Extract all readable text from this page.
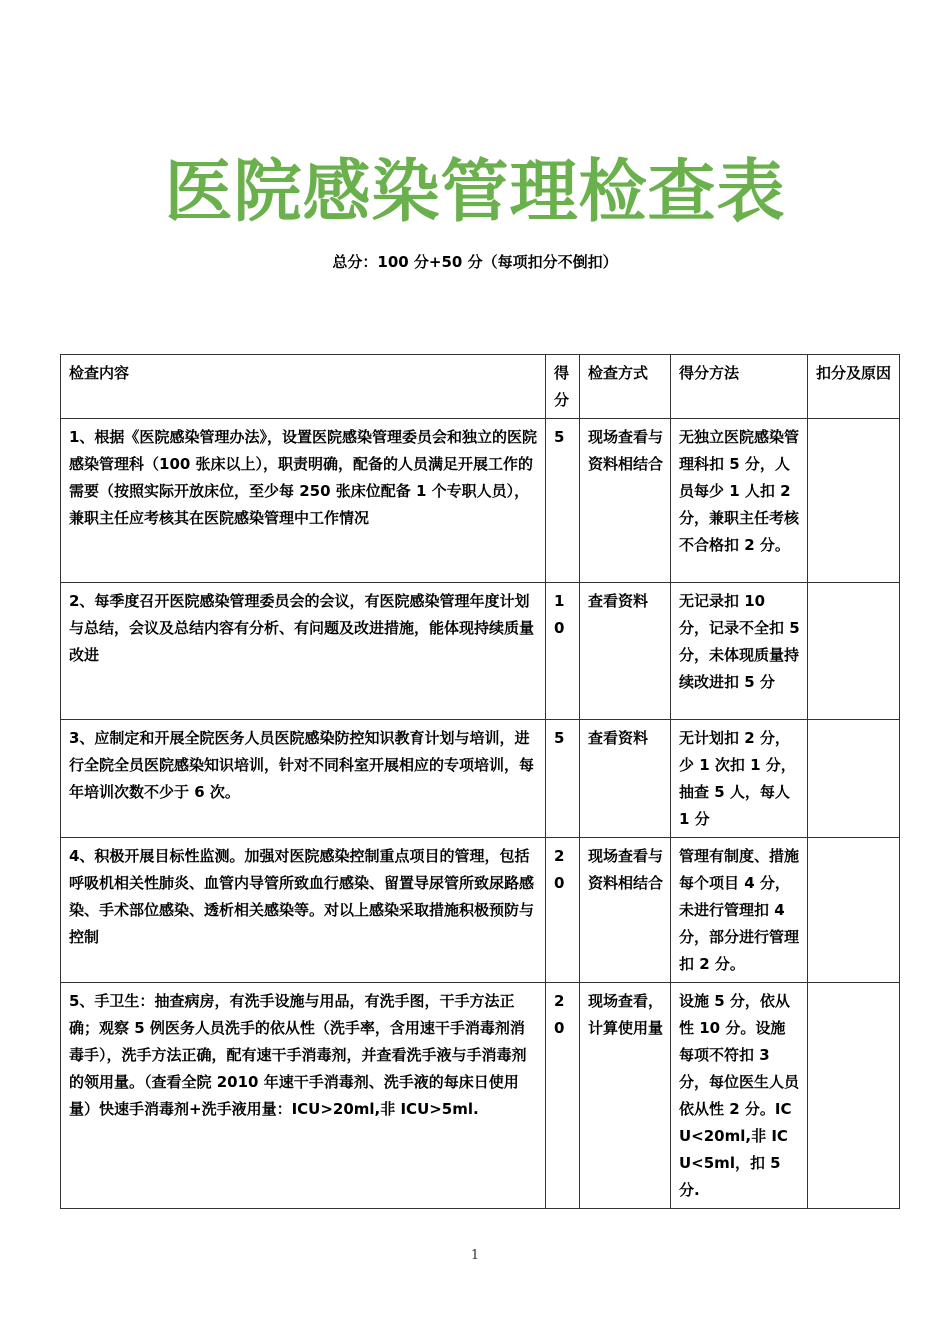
医院感染管理检查表
总分：100 分+50 分（每项扣分不倒扣）
检查内容	得分	检查方式	得分方法	扣分及原因
1、根据《医院感染管理办法》，设置医院感染管理委员会和独立的医院感染管理科（100 张床以上），职责明确，配备的人员满足开展工作的需要（按照实际开放床位，至少每 250 张床位配备 1 个专职人员），兼职主任应考核其在医院感染管理中工作情况	5	现场查看与资料相结合	无独立医院感染管理科扣 5 分，人员每少 1 人扣 2 分，兼职主任考核不合格扣 2 分。	
2、每季度召开医院感染管理委员会的会议，有医院感染管理年度计划与总结，会议及总结内容有分析、有问题及改进措施，能体现持续质量改进	10	查看资料	无记录扣 10 分，记录不全扣 5 分，未体现质量持续改进扣 5 分	
3、应制定和开展全院医务人员医院感染防控知识教育计划与培训，进行全院全员医院感染知识培训，针对不同科室开展相应的专项培训，每年培训次数不少于 6 次。	5	查看资料	无计划扣 2 分，少 1 次扣 1 分，抽查 5 人，每人 1 分	
4、积极开展目标性监测。加强对医院感染控制重点项目的管理，包括呼吸机相关性肺炎、血管内导管所致血行感染、留置导尿管所致尿路感染、手术部位感染、透析相关感染等。对以上感染采取措施积极预防与控制	20	现场查看与资料相结合	管理有制度、措施每个项目 4 分，未进行管理扣 4 分，部分进行管理扣 2 分。	
5、手卫生：抽查病房，有洗手设施与用品，有洗手图，干手方法正确；观察 5 例医务人员洗手的依从性（洗手率，含用速干手消毒剂消毒手），洗手方法正确，配有速干手消毒剂，并查看洗手液与手消毒剂的领用量。（查看全院 2010 年速干手消毒剂、洗手液的每床日使用量）快速手消毒剂+洗手液用量：ICU>20ml,非 ICU>5ml.	20	现场查看，计算使用量	设施 5 分，依从性 10 分。设施每项不符扣 3 分，每位医生人员依从性 2 分。ICU<20ml,非 ICU<5ml，扣 5 分.	
1
